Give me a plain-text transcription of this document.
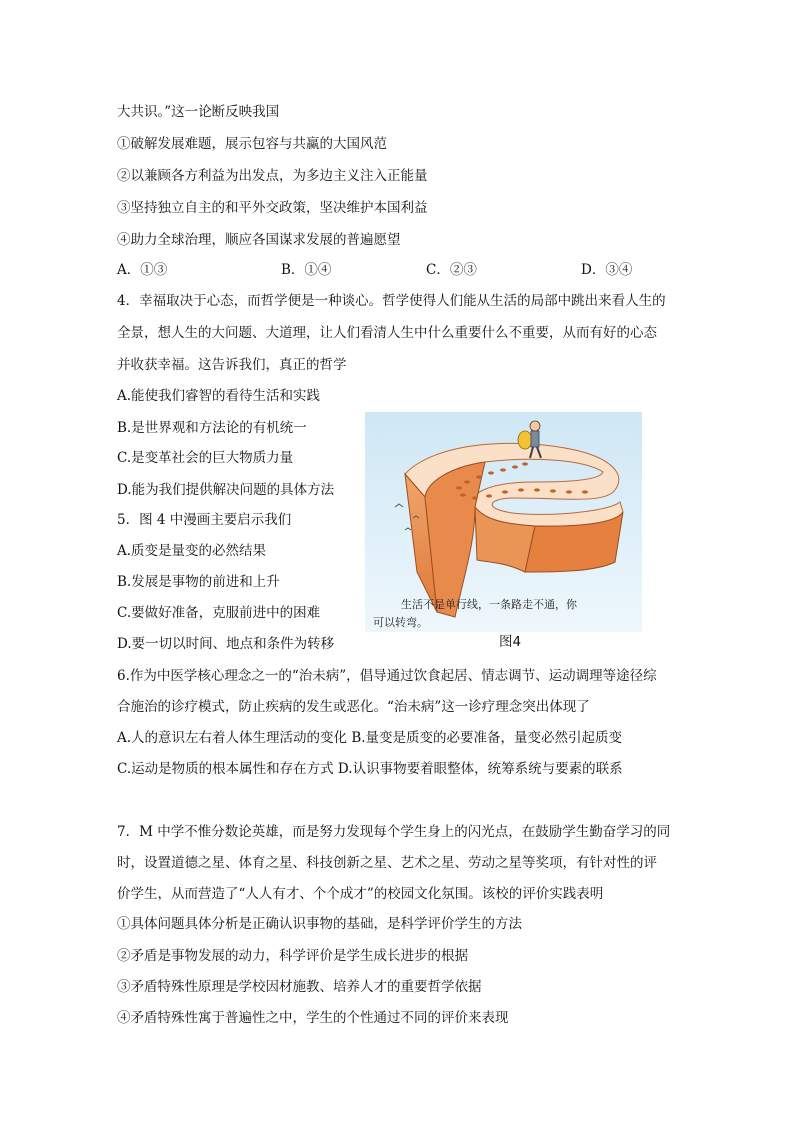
大共识。”这一论断反映我国
①破解发展难题，展示包容与共赢的大国风范
②以兼顾各方利益为出发点，为多边主义注入正能量
③坚持独立自主的和平外交政策，坚决维护本国利益
④助力全球治理，顺应各国谋求发展的普遍愿望
A．①③	B．①④	C．②③	D．③④
4．幸福取决于心态，而哲学便是一种谈心。哲学使得人们能从生活的局部中跳出来看人生的
全景，想人生的大问题、大道理，让人们看清人生中什么重要什么不重要，从而有好的心态
并收获幸福。这告诉我们，真正的哲学
A.能使我们睿智的看待生活和实践
B.是世界观和方法论的有机统一
C.是变革社会的巨大物质力量
D.能为我们提供解决问题的具体方法
5．图 4 中漫画主要启示我们
A.质变是量变的必然结果
B.发展是事物的前进和上升
C.要做好准备，克服前进中的困难
D.要一切以时间、地点和条件为转移
生活不是单行线，一条路走不通，你
可以转弯。
图4
6.作为中医学核心理念之一的“治未病”，倡导通过饮食起居、情志调节、运动调理等途径综
合施治的诊疗模式，防止疾病的发生或恶化。“治未病”这一诊疗理念突出体现了
A.人的意识左右着人体生理活动的变化 B.量变是质变的必要准备，量变必然引起质变
C.运动是物质的根本属性和存在方式 D.认识事物要着眼整体，统筹系统与要素的联系
7．M 中学不惟分数论英雄，而是努力发现每个学生身上的闪光点，在鼓励学生勤奋学习的同
时，设置道德之星、体育之星、科技创新之星、艺术之星、劳动之星等奖项，有针对性的评
价学生，从而营造了“人人有才、个个成才”的校园文化氛围。该校的评价实践表明
①具体问题具体分析是正确认识事物的基础，是科学评价学生的方法
②矛盾是事物发展的动力，科学评价是学生成长进步的根据
③矛盾特殊性原理是学校因材施教、培养人才的重要哲学依据
④矛盾特殊性寓于普遍性之中，学生的个性通过不同的评价来表现
